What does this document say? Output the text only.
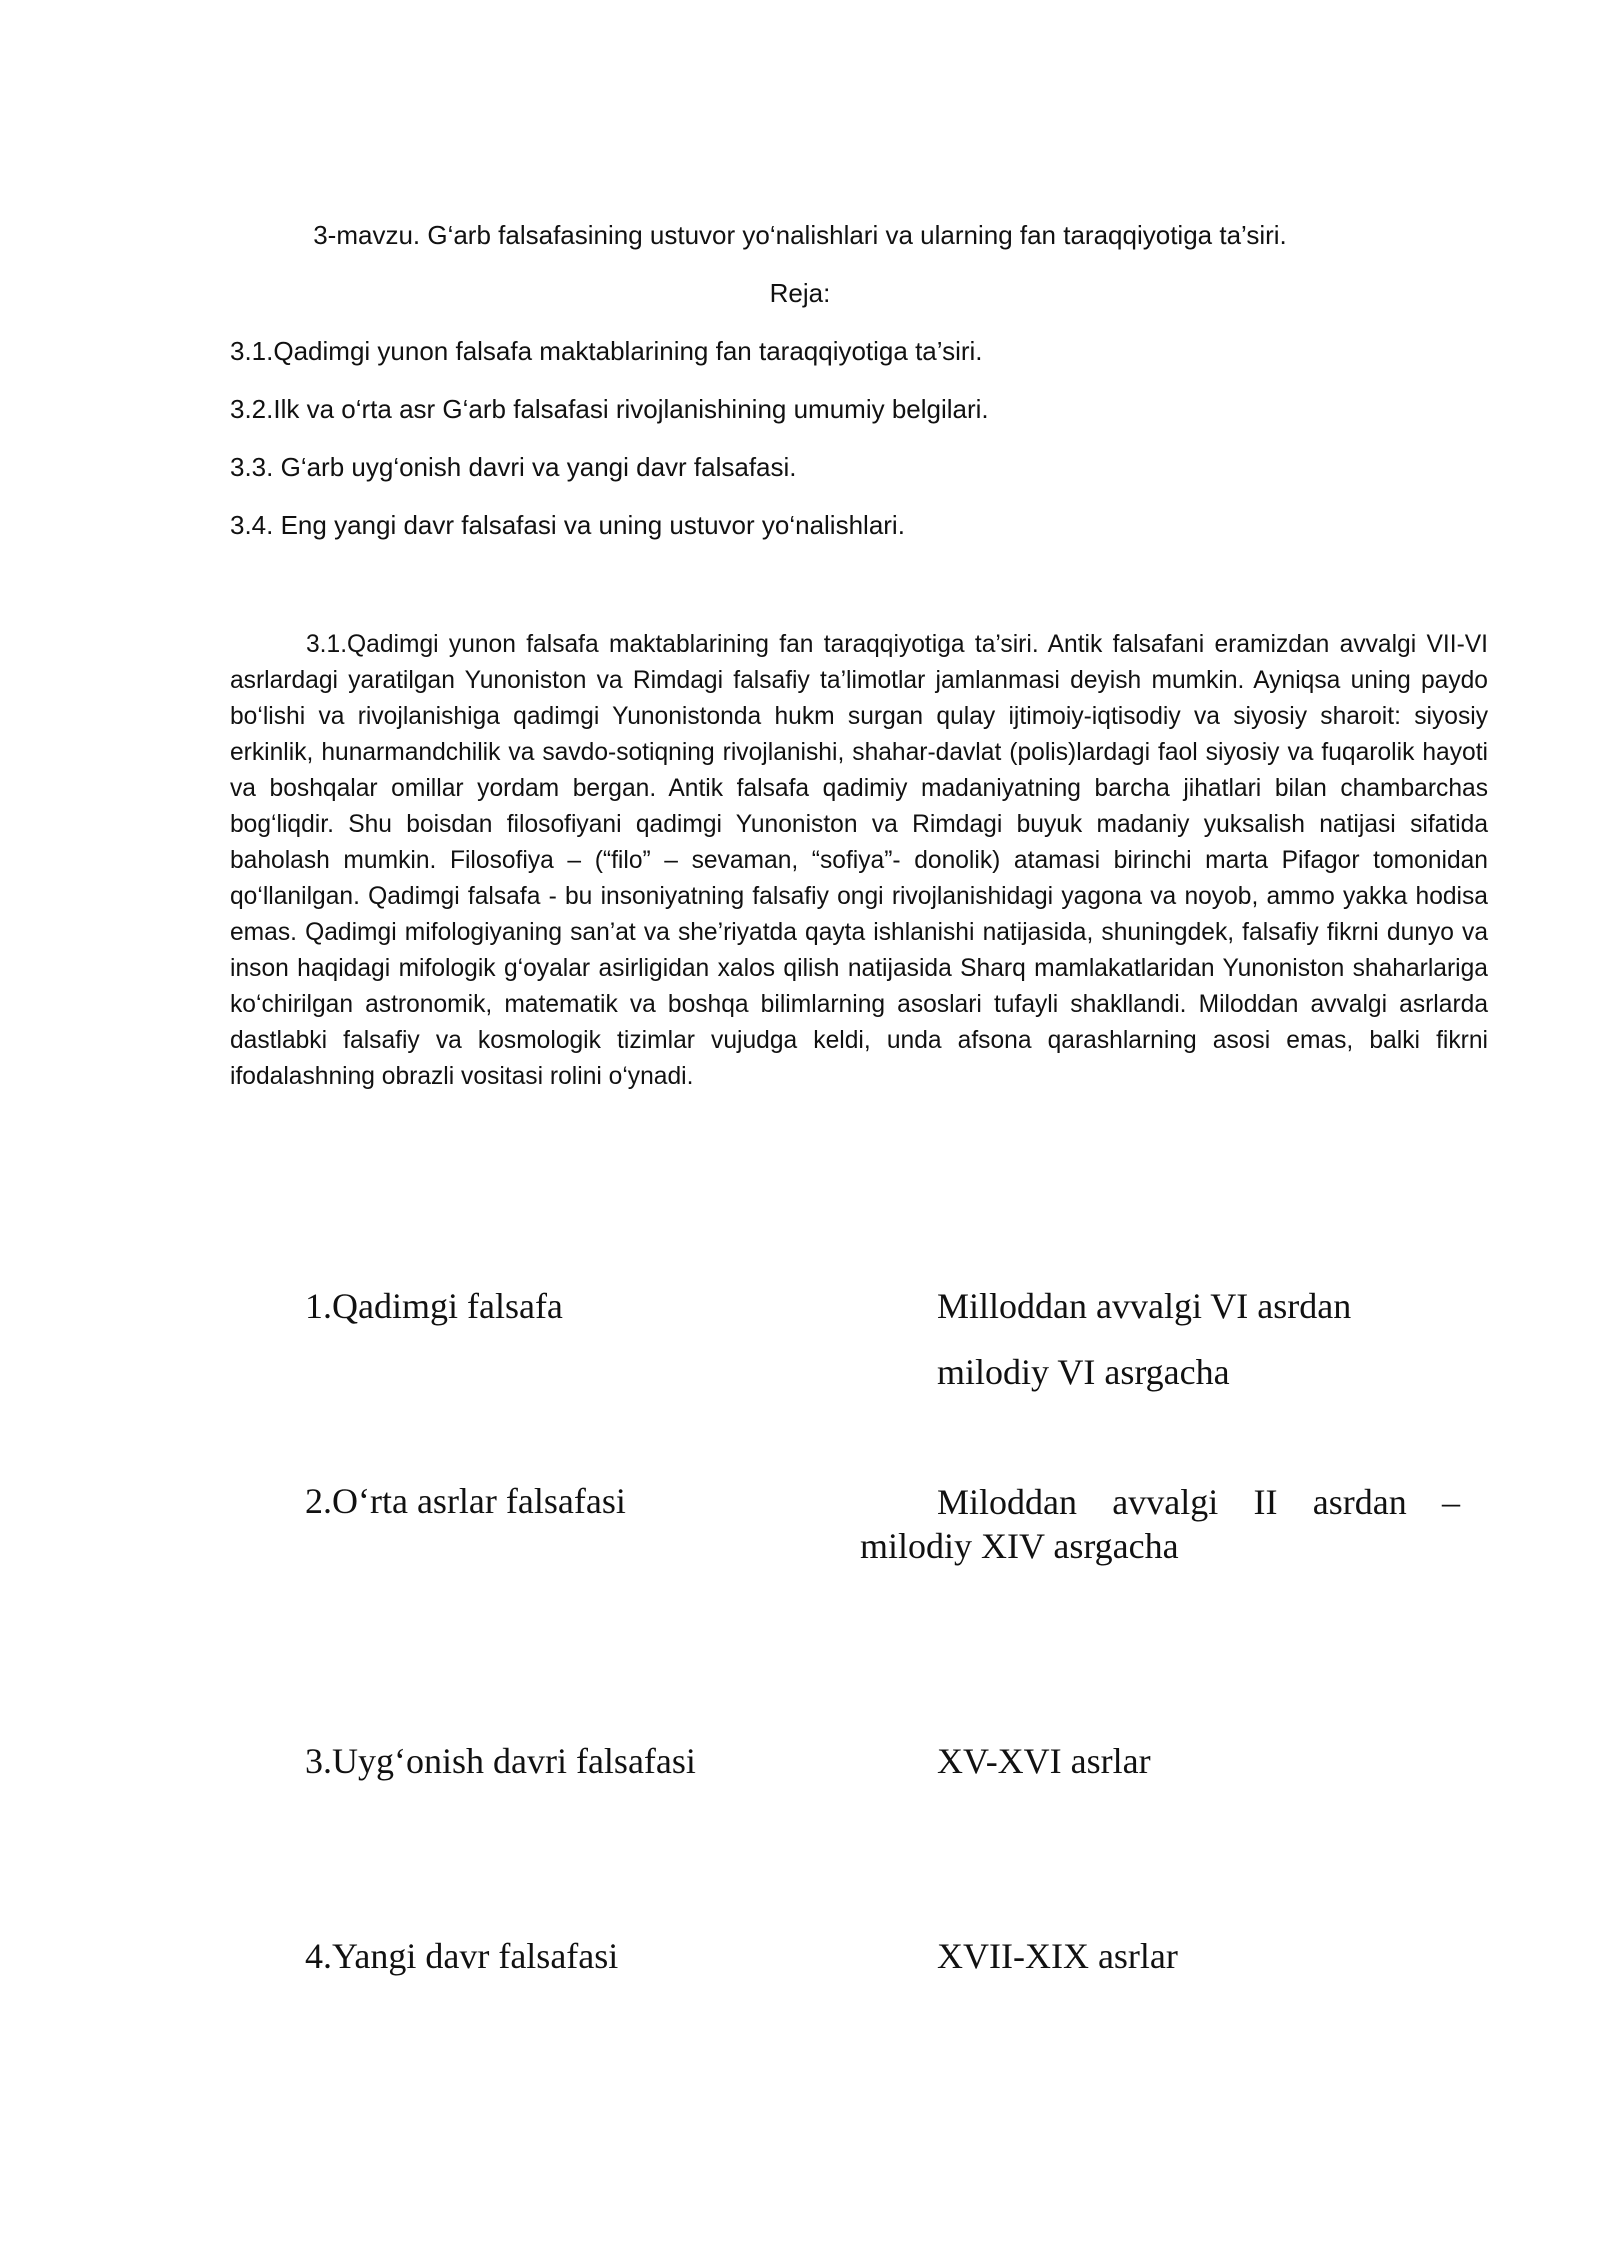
3-mavzu. G‘arb falsafasining ustuvor yo‘nalishlari va ularning fan taraqqiyotiga ta’siri.
Reja:
3.1.Qadimgi yunon falsafa maktablarining fan taraqqiyotiga ta’siri.
3.2.Ilk va o‘rta asr G‘arb falsafasi rivojlanishining umumiy belgilari.
3.3. G‘arb uyg‘onish davri va yangi davr falsafasi.
3.4. Eng yangi davr falsafasi va uning ustuvor yo‘nalishlari.
3.1.Qadimgi yunon falsafa maktablarining fan taraqqiyotiga ta’siri. Antik falsafani eramizdan avvalgi VII-VI asrlardagi yaratilgan Yunoniston va Rimdagi falsafiy ta’limotlar jamlanmasi deyish mumkin. Ayniqsa uning paydo bo‘lishi va rivojlanishiga qadimgi Yunonistonda hukm surgan qulay ijtimoiy-iqtisodiy va siyosiy sharoit: siyosiy erkinlik, hunarmandchilik va savdo-sotiqning rivojlanishi, shahar-davlat (polis)lardagi faol siyosiy va fuqarolik hayoti va boshqalar omillar yordam bergan. Antik falsafa qadimiy madaniyatning barcha jihatlari bilan chambarchas bog‘liqdir. Shu boisdan filosofiyani qadimgi Yunoniston va Rimdagi buyuk madaniy yuksalish natijasi sifatida baholash mumkin. Filosofiya – (“filo” – sevaman, “sofiya”- donolik) atamasi birinchi marta Pifagor tomonidan qo‘llanilgan. Qadimgi falsafa - bu insoniyatning falsafiy ongi rivojlanishidagi yagona va noyob, ammo yakka hodisa emas. Qadimgi mifologiyaning san’at va she’riyatda qayta ishlanishi natijasida, shuningdek, falsafiy fikrni dunyo va inson haqidagi mifologik g‘oyalar asirligidan xalos qilish natijasida Sharq mamlakatlaridan Yunoniston shaharlariga ko‘chirilgan astronomik, matematik va boshqa bilimlarning asoslari tufayli shakllandi. Miloddan avvalgi asrlarda dastlabki falsafiy va kosmologik tizimlar vujudga keldi, unda afsona qarashlarning asosi emas, balki fikrni ifodalashning obrazli vositasi rolini o‘ynadi.
1.Qadimgi falsafa	Milloddan avvalgi VI asrdan
milodiy VI asrgacha
2.O‘rta asrlar falsafasi	Miloddan avvalgi II asrdan – milodiy XIV asrgacha
3.Uyg‘onish davri falsafasi	XV-XVI asrlar
4.Yangi davr falsafasi	XVII-XIX asrlar
